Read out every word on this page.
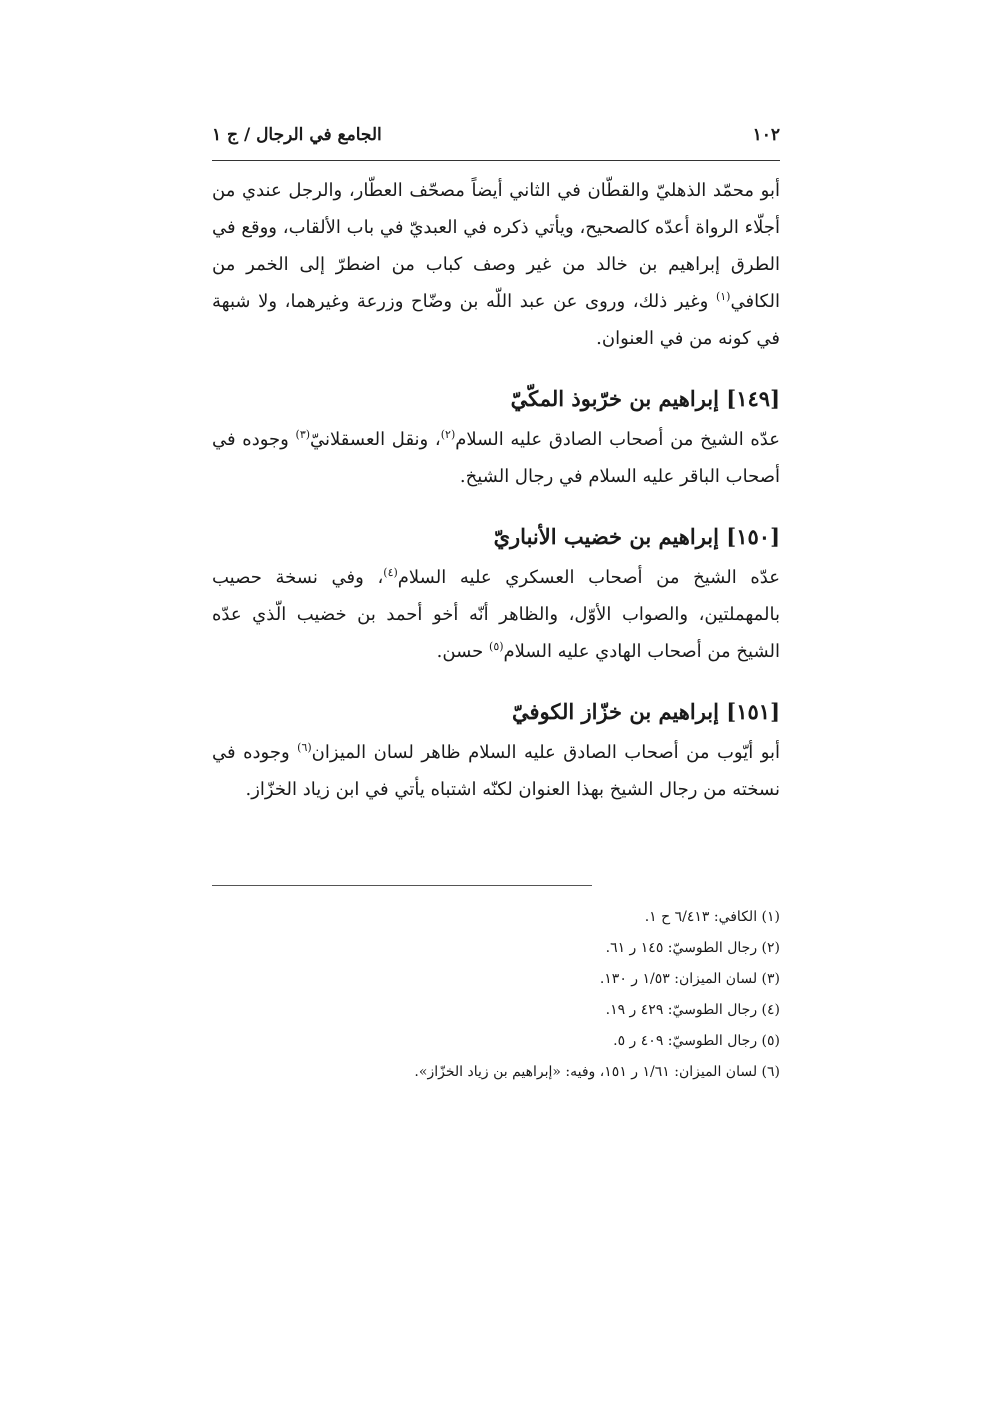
١٠٢
الجامع في الرجال / ج ١

أبو محمّد الذهليّ والقطّان في الثاني أيضاً مصحّف العطّار، والرجل عندي من أجلّاء الرواة أعدّه كالصحيح، ويأتي ذكره في العبديّ في باب الألقاب، ووقع في الطرق إبراهيم بن خالد من غير وصف كباب من اضطرّ إلى الخمر من الكافي$^{(١)}$ وغير ذلك، وروى عن عبد اللّه بن وضّاح وزرعة وغيرهما، ولا شبهة في كونه من في العنوان.

[١٤٩] إبراهيم بن خرّبوذ المكّيّ

عدّه الشيخ من أصحاب الصادق عليه السلام$^{(٢)}$، ونقل العسقلانيّ$^{(٣)}$ وجوده في أصحاب الباقر عليه السلام في رجال الشيخ.

[١٥٠] إبراهيم بن خضيب الأنباريّ

عدّه الشيخ من أصحاب العسكري عليه السلام$^{(٤)}$، وفي نسخة حصيب بالمهملتين، والصواب الأوّل، والظاهر أنّه أخو أحمد بن خضيب الّذي عدّه الشيخ من أصحاب الهادي عليه السلام$^{(٥)}$ حسن.

[١٥١] إبراهيم بن خزّاز الكوفيّ

أبو أيّوب من أصحاب الصادق عليه السلام ظاهر لسان الميزان$^{(٦)}$ وجوده في نسخته من رجال الشيخ بهذا العنوان لكنّه اشتباه يأتي في ابن زياد الخزّاز.

(١) الكافي: ٦/٤١٣ ح ١.
(٢) رجال الطوسيّ: ١٤٥ ر ٦١.
(٣) لسان الميزان: ١/٥٣ ر ١٣٠.
(٤) رجال الطوسيّ: ٤٢٩ ر ١٩.
(٥) رجال الطوسيّ: ٤٠٩ ر ٥.
(٦) لسان الميزان: ١/٦١ ر ١٥١، وفيه: «إبراهيم بن زياد الخزّاز».
